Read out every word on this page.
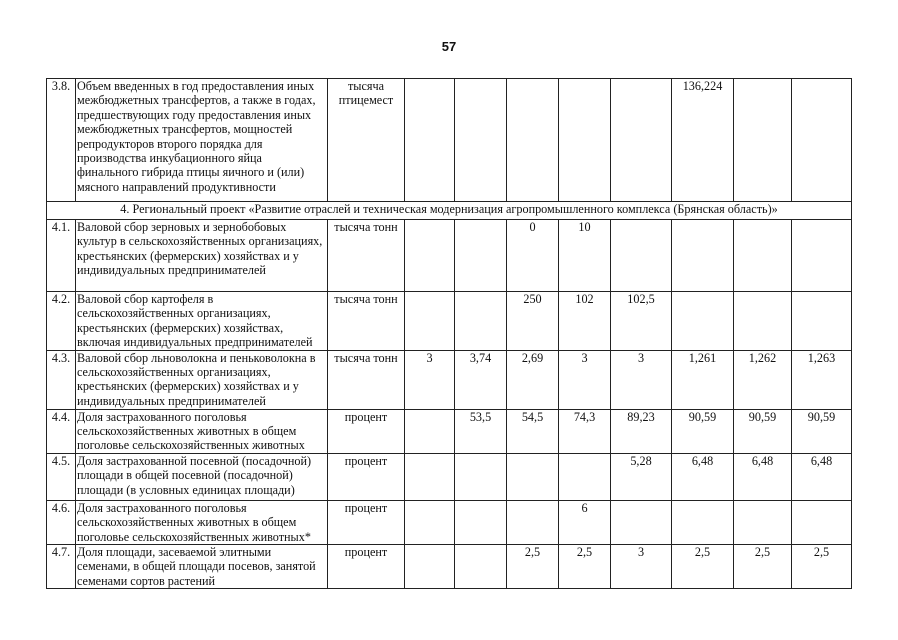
57
3.8.	Объем введенных в год предоставления иных межбюджетных трансфертов, а также в годах, предшествующих году предоставления иных межбюджетных трансфертов, мощностей репродукторов второго порядка для производства инкубационного яйца финального гибрида птицы яичного и (или) мясного направлений продуктивности	тысяча птицемест						136,224		
4. Региональный проект «Развитие отраслей и техническая модернизация агропромышленного комплекса (Брянская область)»										
4.1.	Валовой сбор зерновых и зернобобовых культур в сельскохозяйственных организациях, крестьянских (фермерских) хозяйствах и у индивидуальных предпринимателей	тысяча тонн			0	10				
4.2.	Валовой сбор картофеля в сельскохозяйственных организациях, крестьянских (фермерских) хозяйствах, включая индивидуальных предпринимателей	тысяча тонн			250	102	102,5			
4.3.	Валовой сбор льноволокна и пеньковолокна в сельскохозяйственных организациях, крестьянских (фермерских) хозяйствах и у индивидуальных предпринимателей	тысяча тонн	3	3,74	2,69	3	3	1,261	1,262	1,263
4.4.	Доля застрахованного поголовья сельскохозяйственных животных в общем поголовье сельскохозяйственных животных	процент		53,5	54,5	74,3	89,23	90,59	90,59	90,59
4.5.	Доля застрахованной посевной (посадочной) площади в общей посевной (посадочной) площади (в условных единицах площади)	процент					5,28	6,48	6,48	6,48
4.6.	Доля застрахованного поголовья сельскохозяйственных животных в общем поголовье сельскохозяйственных животных*	процент				6				
4.7.	Доля площади, засеваемой элитными семенами, в общей площади посевов, занятой семенами сортов растений	процент			2,5	2,5	3	2,5	2,5	2,5
